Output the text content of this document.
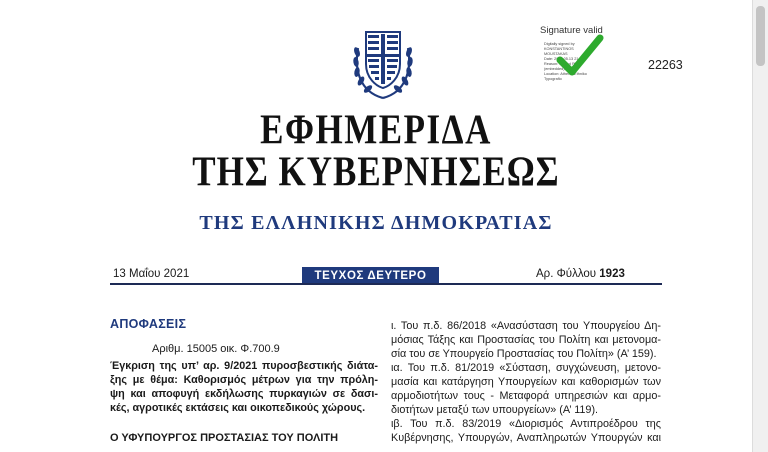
Signature valid
Digitally signed by
KONSTANTINOS
MOUSTAKAS
Date: 2021.05.13 21:57
Reason: Signed PDF
(embedded)
Location: Athens, Ethniko
Typografio
22263
ΕΦΗΜΕΡΙΔΑ
ΤΗΣ ΚΥΒΕΡΝΗΣΕΩΣ
ΤΗΣ ΕΛΛΗΝΙΚΗΣ ΔΗΜΟΚΡΑΤΙΑΣ
13 Μαΐου 2021	ΤΕΥΧΟΣ ΔΕΥΤΕΡΟ	Αρ. Φύλλου 1923
ΑΠΟΦΑΣΕΙΣ
Αριθμ. 15005 οικ. Φ.700.9
Έγκριση της υπ’ αρ. 9/2021 πυροσβεστικής διάτα-
ξης με θέμα: Καθορισμός μέτρων για την πρόλη-
ψη και αποφυγή εκδήλωσης πυρκαγιών σε δασι-
κές, αγροτικές εκτάσεις και οικοπεδικούς χώρους.
Ο ΥΦΥΠΟΥΡΓΟΣ ΠΡΟΣΤΑΣΙΑΣ ΤΟΥ ΠΟΛΙΤΗ
ι. Του π.δ. 86/2018 «Ανασύσταση του Υπουργείου Δη-
μόσιας Τάξης και Προστασίας του Πολίτη και μετονομα-
σία του σε Υπουργείο Προστασίας του Πολίτη» (Α’ 159).
ια. Του π.δ. 81/2019 «Σύσταση, συγχώνευση, μετονο-
μασία και κατάργηση Υπουργείων και καθορισμών των
αρμοδιοτήτων τους - Μεταφορά υπηρεσιών και αρμο-
διοτήτων μεταξύ των υπουργείων» (Α’ 119).
ιβ. Του π.δ. 83/2019 «Διορισμός Αντιπροέδρου της
Κυβέρνησης, Υπουργών, Αναπληρωτών Υπουργών και
